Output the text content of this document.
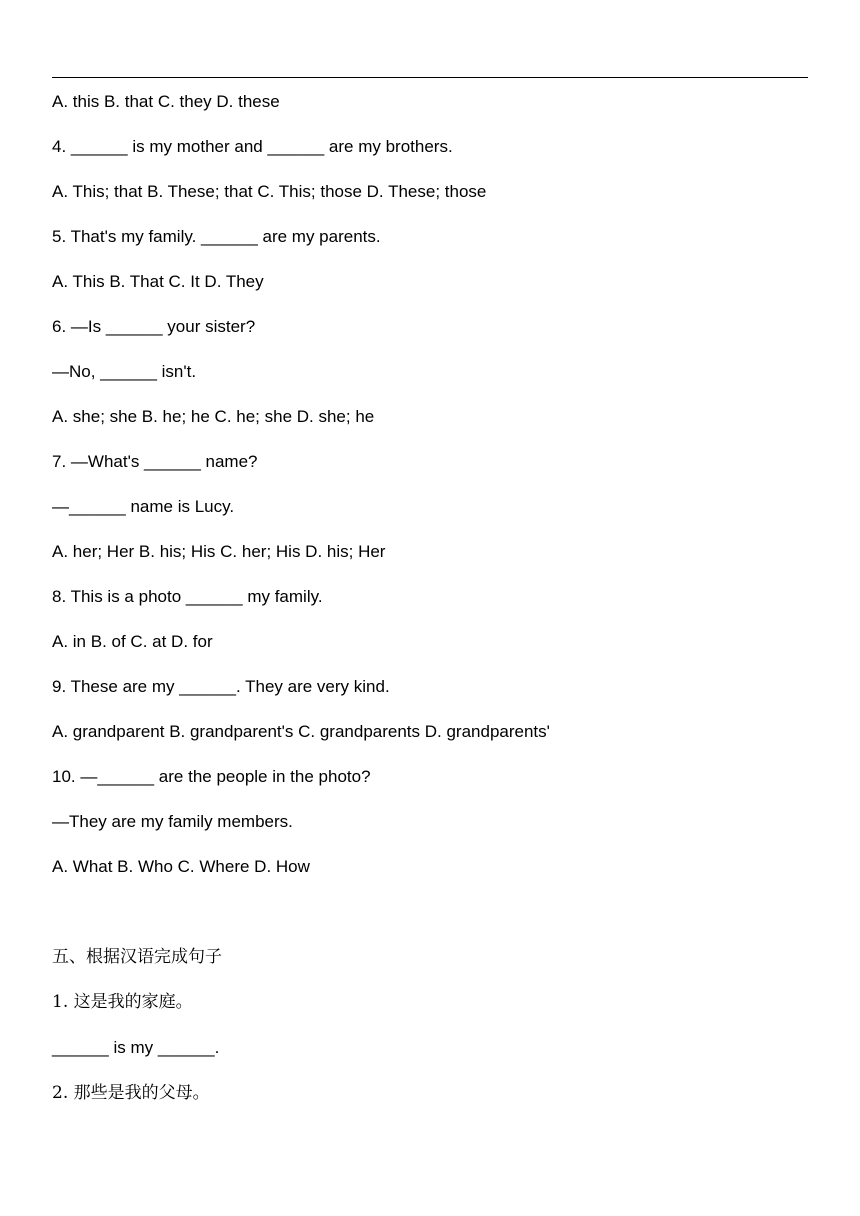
A. this B. that C. they D. these
4. ______ is my mother and ______ are my brothers.
A. This; that B. These; that C. This; those D. These; those
5. That's my family. ______ are my parents.
A. This B. That C. It D. They
6. —Is ______ your sister?
—No, ______ isn't.
A. she; she B. he; he C. he; she D. she; he
7. —What's ______ name?
—______ name is Lucy.
A. her; Her B. his; His C. her; His D. his; Her
8. This is a photo ______ my family.
A. in B. of C. at D. for
9. These are my ______. They are very kind.
A. grandparent B. grandparent's C. grandparents D. grandparents'
10. —______ are the people in the photo?
—They are my family members.
A. What B. Who C. Where D. How
五、根据汉语完成句子
1. 这是我的家庭。
______ is my ______.
2. 那些是我的父母。
